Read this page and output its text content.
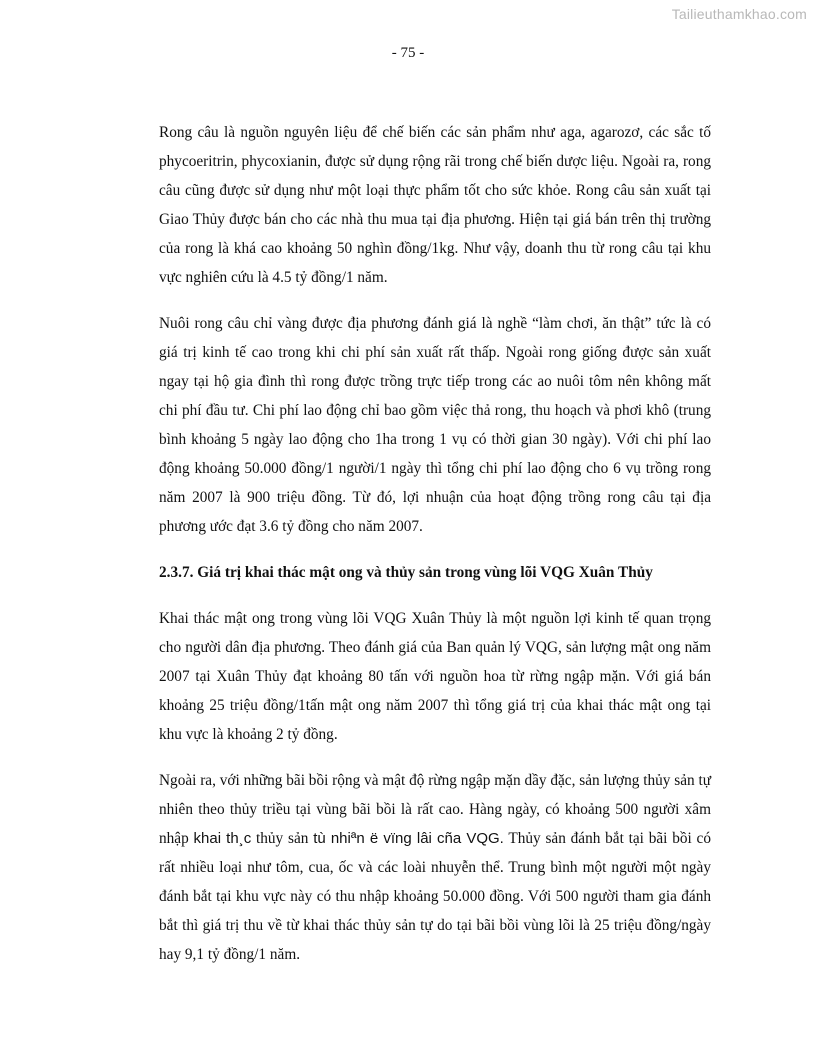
Tailieuthamkhao.com
- 75 -

Rong câu là nguồn nguyên liệu để chế biến các sản phẩm như aga, agarozơ, các sắc tố phycoeritrin, phycoxianin, được sử dụng rộng rãi trong chế biến dược liệu. Ngoài ra, rong câu cũng được sử dụng như một loại thực phẩm tốt cho sức khỏe. Rong câu sản xuất tại Giao Thủy được bán cho các nhà thu mua tại địa phương. Hiện tại giá bán trên thị trường của rong là khá cao khoảng 50 nghìn đồng/1kg. Như vậy, doanh thu từ rong câu tại khu vực nghiên cứu là 4.5 tỷ đồng/1 năm.

Nuôi rong câu chỉ vàng được địa phương đánh giá là nghề “làm chơi, ăn thật” tức là có giá trị kinh tế cao trong khi chi phí sản xuất rất thấp. Ngoài rong giống được sản xuất ngay tại hộ gia đình thì rong được trồng trực tiếp trong các ao nuôi tôm nên không mất chi phí đầu tư. Chi phí lao động chỉ bao gồm việc thả rong, thu hoạch và phơi khô (trung bình khoảng 5 ngày lao động cho 1ha trong 1 vụ có thời gian 30 ngày). Với chi phí lao động khoảng 50.000 đồng/1 người/1 ngày thì tổng chi phí lao động cho 6 vụ trồng rong năm 2007 là 900 triệu đồng. Từ đó, lợi nhuận của hoạt động trồng rong câu tại địa phương ước đạt 3.6 tỷ đồng cho năm 2007.

2.3.7. Giá trị khai thác mật ong và thủy sản trong vùng lõi VQG Xuân Thủy

Khai thác mật ong trong vùng lõi VQG Xuân Thủy là một nguồn lợi kinh tế quan trọng cho người dân địa phương. Theo đánh giá của Ban quản lý VQG, sản lượng mật ong năm 2007 tại Xuân Thủy đạt khoảng 80 tấn với nguồn hoa từ rừng ngập mặn. Với giá bán khoảng 25 triệu đồng/1tấn mật ong năm 2007 thì tổng giá trị của khai thác mật ong tại khu vực là khoảng 2 tỷ đồng.

Ngoài ra, với những bãi bồi rộng và mật độ rừng ngập mặn dầy đặc, sản lượng thủy sản tự nhiên theo thủy triều tại vùng bãi bồi là rất cao. Hàng ngày, có khoảng 500 người xâm nhập khai th¸c thủy sản tù nhiªn ë vïng lâi cña VQG. Thủy sản đánh bắt tại bãi bồi có rất nhiều loại như tôm, cua, ốc và các loài nhuyễn thể. Trung bình một người một ngày đánh bắt tại khu vực này có thu nhập khoảng 50.000 đồng. Với 500 người tham gia đánh bắt thì giá trị thu về từ khai thác thủy sản tự do tại bãi bồi vùng lõi là 25 triệu đồng/ngày hay 9,1 tỷ đồng/1 năm.
